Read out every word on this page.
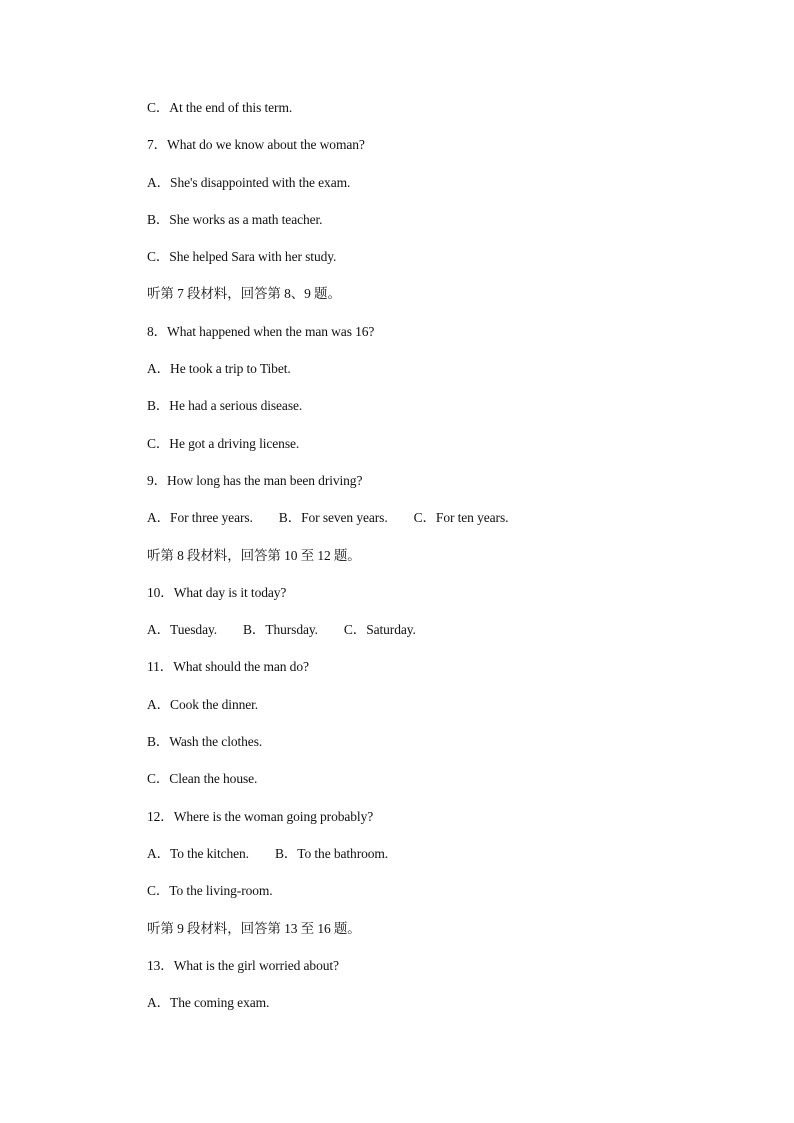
C．At the end of this term.
7．What do we know about the woman?
A．She's disappointed with the exam.
B．She works as a math teacher.
C．She helped Sara with her study.
听第 7 段材料，回答第 8、9 题。
8．What happened when the man was 16?
A．He took a trip to Tibet.
B．He had a serious disease.
C．He got a driving license.
9．How long has the man been driving?
A．For three years. B．For seven years. C．For ten years.
听第 8 段材料，回答第 10 至 12 题。
10．What day is it today?
A．Tuesday. B．Thursday. C．Saturday.
11．What should the man do?
A．Cook the dinner.
B．Wash the clothes.
C．Clean the house.
12．Where is the woman going probably?
A．To the kitchen. B．To the bathroom.
C．To the living-room.
听第 9 段材料，回答第 13 至 16 题。
13．What is the girl worried about?
A．The coming exam.
